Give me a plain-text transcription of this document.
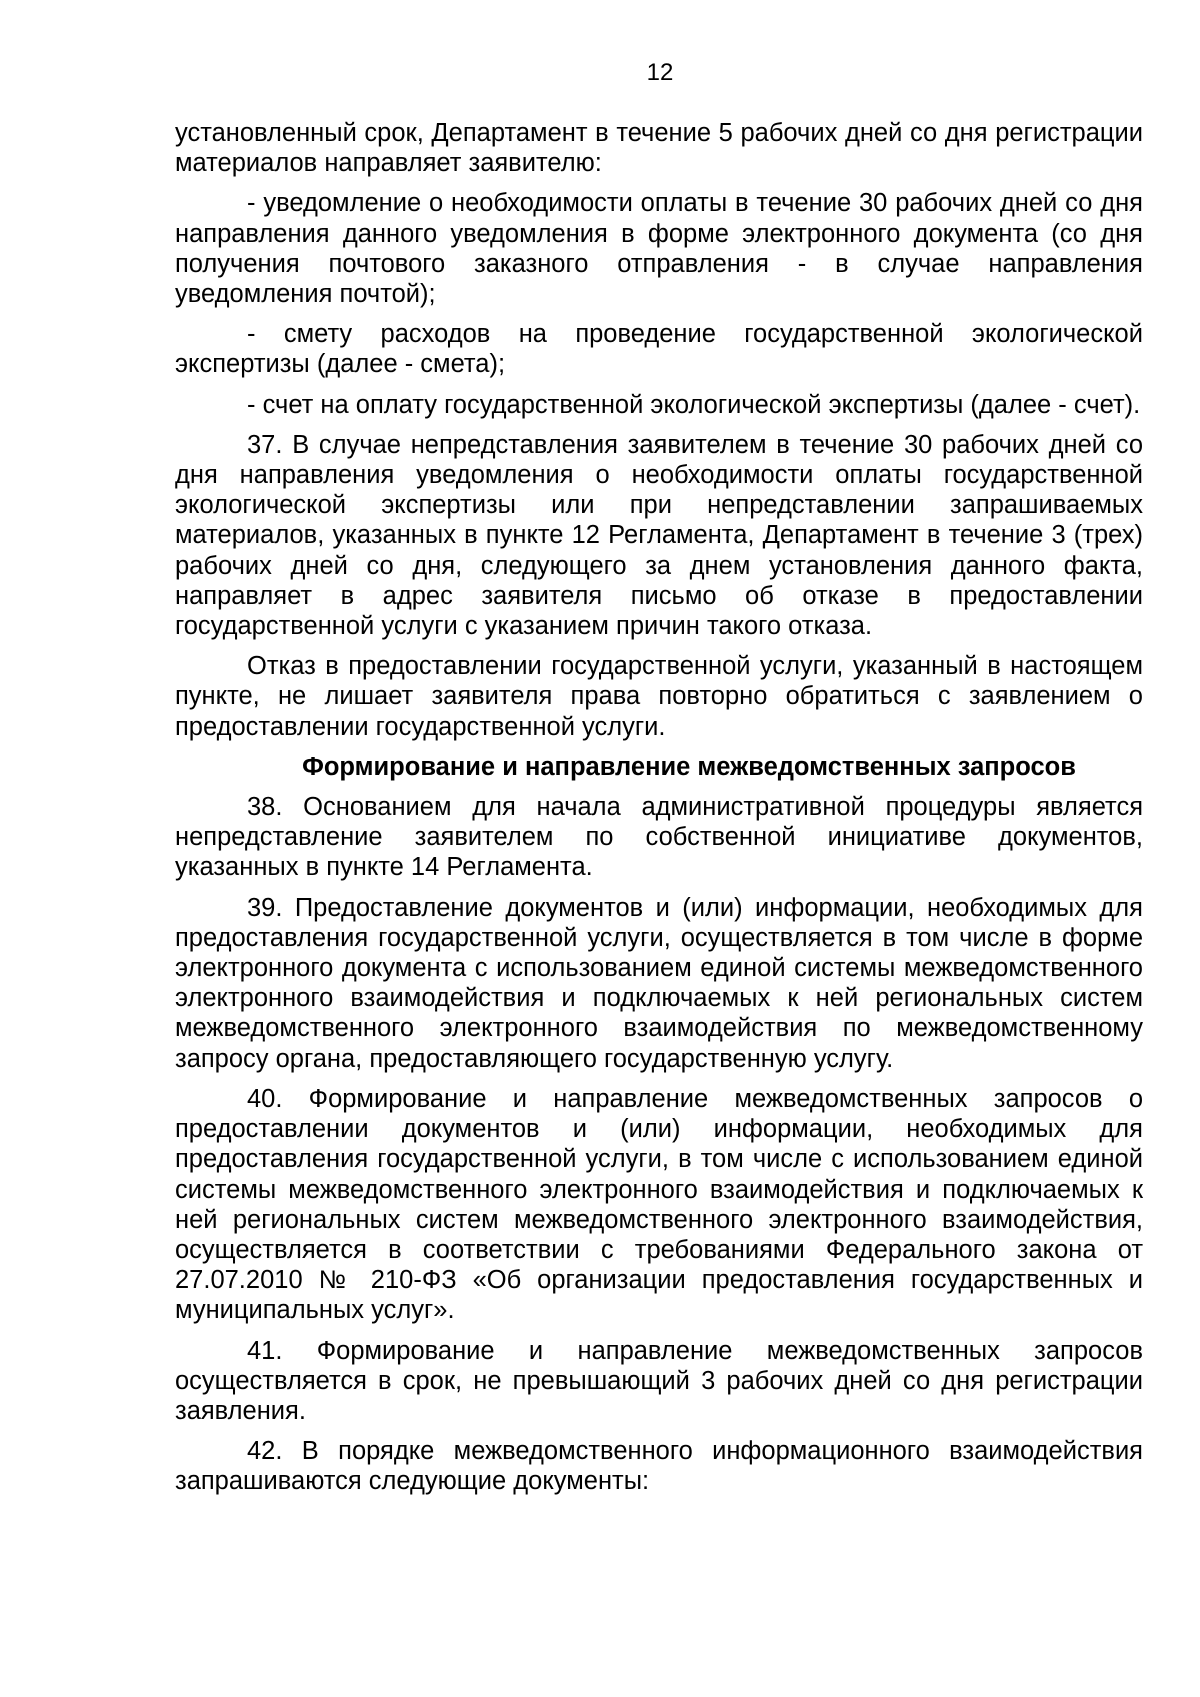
12

установленный срок, Департамент в течение 5 рабочих дней со дня регистрации материалов направляет заявителю:

- уведомление о необходимости оплаты в течение 30 рабочих дней со дня направления данного уведомления в форме электронного документа (со дня получения почтового заказного отправления - в случае направления уведомления почтой);

- смету расходов на проведение государственной экологической экспертизы (далее - смета);

- счет на оплату государственной экологической экспертизы (далее - счет).

37. В случае непредставления заявителем в течение 30 рабочих дней со дня направления уведомления о необходимости оплаты государственной экологической экспертизы или при непредставлении запрашиваемых материалов, указанных в пункте 12 Регламента, Департамент в течение 3 (трех) рабочих дней со дня, следующего за днем установления данного факта, направляет в адрес заявителя письмо об отказе в предоставлении государственной услуги с указанием причин такого отказа.

Отказ в предоставлении государственной услуги, указанный в настоящем пункте, не лишает заявителя права повторно обратиться с заявлением о предоставлении государственной услуги.

Формирование и направление межведомственных запросов

38. Основанием для начала административной процедуры является непредставление заявителем по собственной инициативе документов, указанных в пункте 14 Регламента.

39. Предоставление документов и (или) информации, необходимых для предоставления государственной услуги, осуществляется в том числе в форме электронного документа с использованием единой системы межведомственного электронного взаимодействия и подключаемых к ней региональных систем межведомственного электронного взаимодействия по межведомственному запросу органа, предоставляющего государственную услугу.

40. Формирование и направление межведомственных запросов о предоставлении документов и (или) информации, необходимых для предоставления государственной услуги, в том числе с использованием единой системы межведомственного электронного взаимодействия и подключаемых к ней региональных систем межведомственного электронного взаимодействия, осуществляется в соответствии с требованиями Федерального закона от 27.07.2010 № 210-ФЗ «Об организации предоставления государственных и муниципальных услуг».

41. Формирование и направление межведомственных запросов осуществляется в срок, не превышающий 3 рабочих дней со дня регистрации заявления.

42. В порядке межведомственного информационного взаимодействия запрашиваются следующие документы:
